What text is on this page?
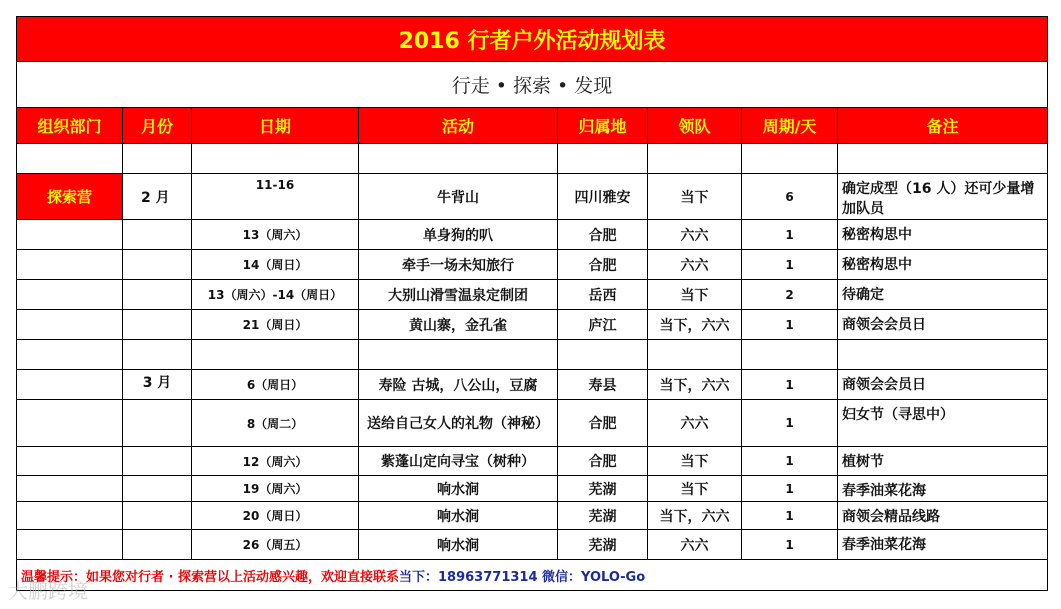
2016 行者户外活动规划表							
行走 • 探索 • 发现							
组织部门	月份	日期	活动	归属地	领队	周期/天	备注

探索营	2 月	11-16	牛背山	四川雅安	当下	6	确定成型（16 人）还可少量增加队员
		13（周六）	单身狗的叭	合肥	六六	1	秘密构思中
		14（周日）	牵手一场未知旅行	合肥	六六	1	秘密构思中
		13（周六）-14（周日）	大别山滑雪温泉定制团	岳西	当下	2	待确定
		21（周日）	黄山寨，金孔雀	庐江	当下，六六	1	商领会会员日

	3 月	6（周日）	寿险 古城，八公山，豆腐	寿县	当下，六六	1	商领会会员日
		8（周二）	送给自己女人的礼物（神秘）	合肥	六六	1	妇女节（寻思中）
		12（周六）	紫蓬山定向寻宝（树种）	合肥	当下	1	植树节
		19（周六）	响水涧	芜湖	当下	1	春季油菜花海
		20（周日）	响水涧	芜湖	当下，六六	1	商领会精品线路
		26（周五）	响水涧	芜湖	六六	1	春季油菜花海
温馨提示：如果您对行者 · 探索营以上活动感兴趣，欢迎直接联系当下：18963771314 微信：YOLO-Go							
大鹏跨境
